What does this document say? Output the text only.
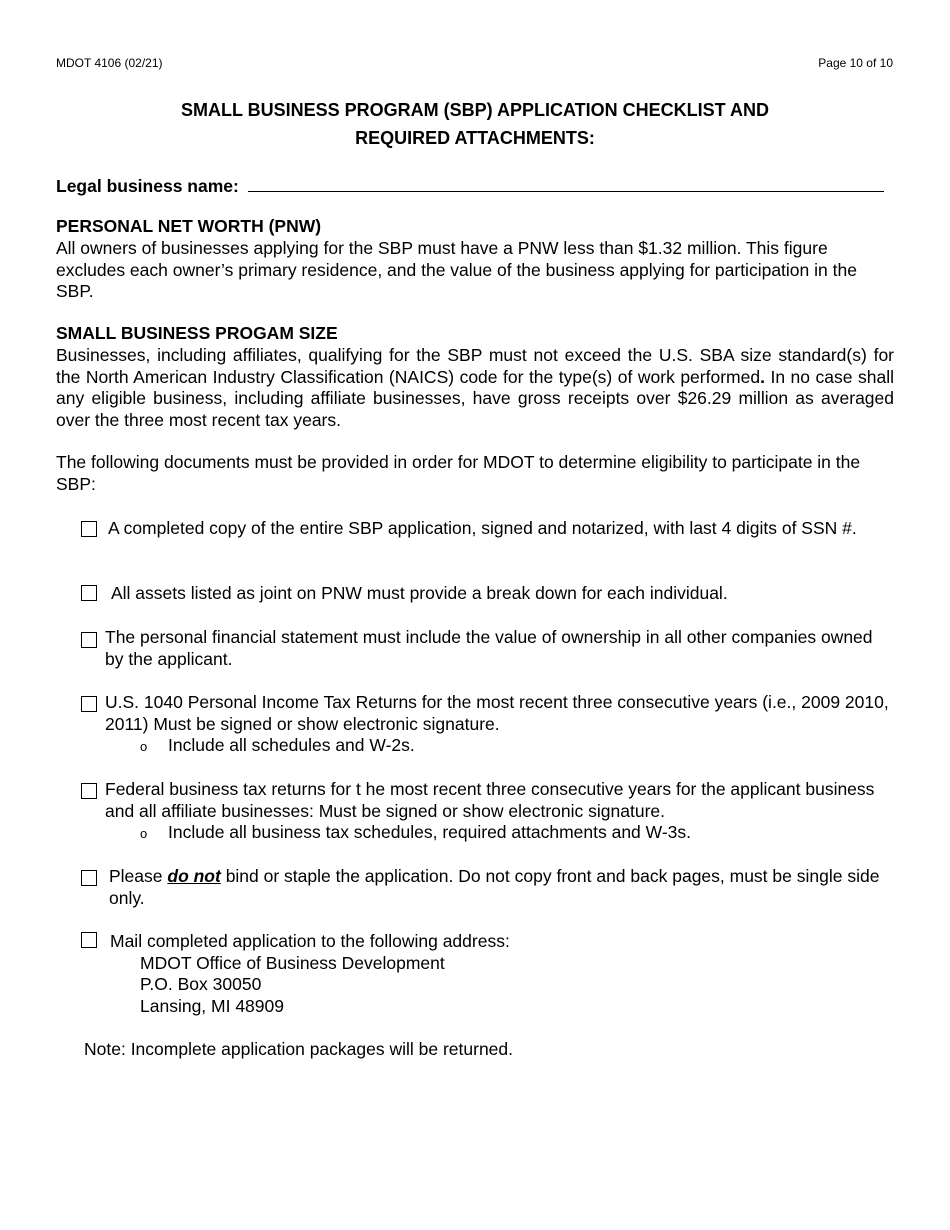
MDOT 4106 (02/21)	Page 10 of 10
SMALL BUSINESS PROGRAM (SBP) APPLICATION CHECKLIST AND
REQUIRED ATTACHMENTS:
Legal business name:
PERSONAL NET WORTH (PNW)
All owners of businesses applying for the SBP must have a PNW less than $1.32 million. This figure excludes each owner’s primary residence, and the value of the business applying for participation in the SBP.
SMALL BUSINESS PROGAM SIZE
Businesses, including affiliates, qualifying for the SBP must not exceed the U.S. SBA size standard(s) for the North American Industry Classification (NAICS) code for the type(s) of work performed. In no case shall any eligible business, including affiliate businesses, have gross receipts over $26.29 million as averaged over the three most recent tax years.
The following documents must be provided in order for MDOT to determine eligibility to participate in the SBP:
A completed copy of the entire SBP application, signed and notarized, with last 4 digits of SSN #.
All assets listed as joint on PNW must provide a break down for each individual.
The personal financial statement must include the value of ownership in all other companies owned by the applicant.
U.S. 1040 Personal Income Tax Returns for the most recent three consecutive years (i.e., 2009 2010, 2011) Must be signed or show electronic signature.
o Include all schedules and W-2s.
Federal business tax returns for t he most recent three consecutive years for the applicant business and all affiliate businesses: Must be signed or show electronic signature.
o Include all business tax schedules, required attachments and W-3s.
Please do not bind or staple the application. Do not copy front and back pages, must be single side only.
Mail completed application to the following address:
MDOT Office of Business Development
P.O. Box 30050
Lansing, MI 48909
Note: Incomplete application packages will be returned.
